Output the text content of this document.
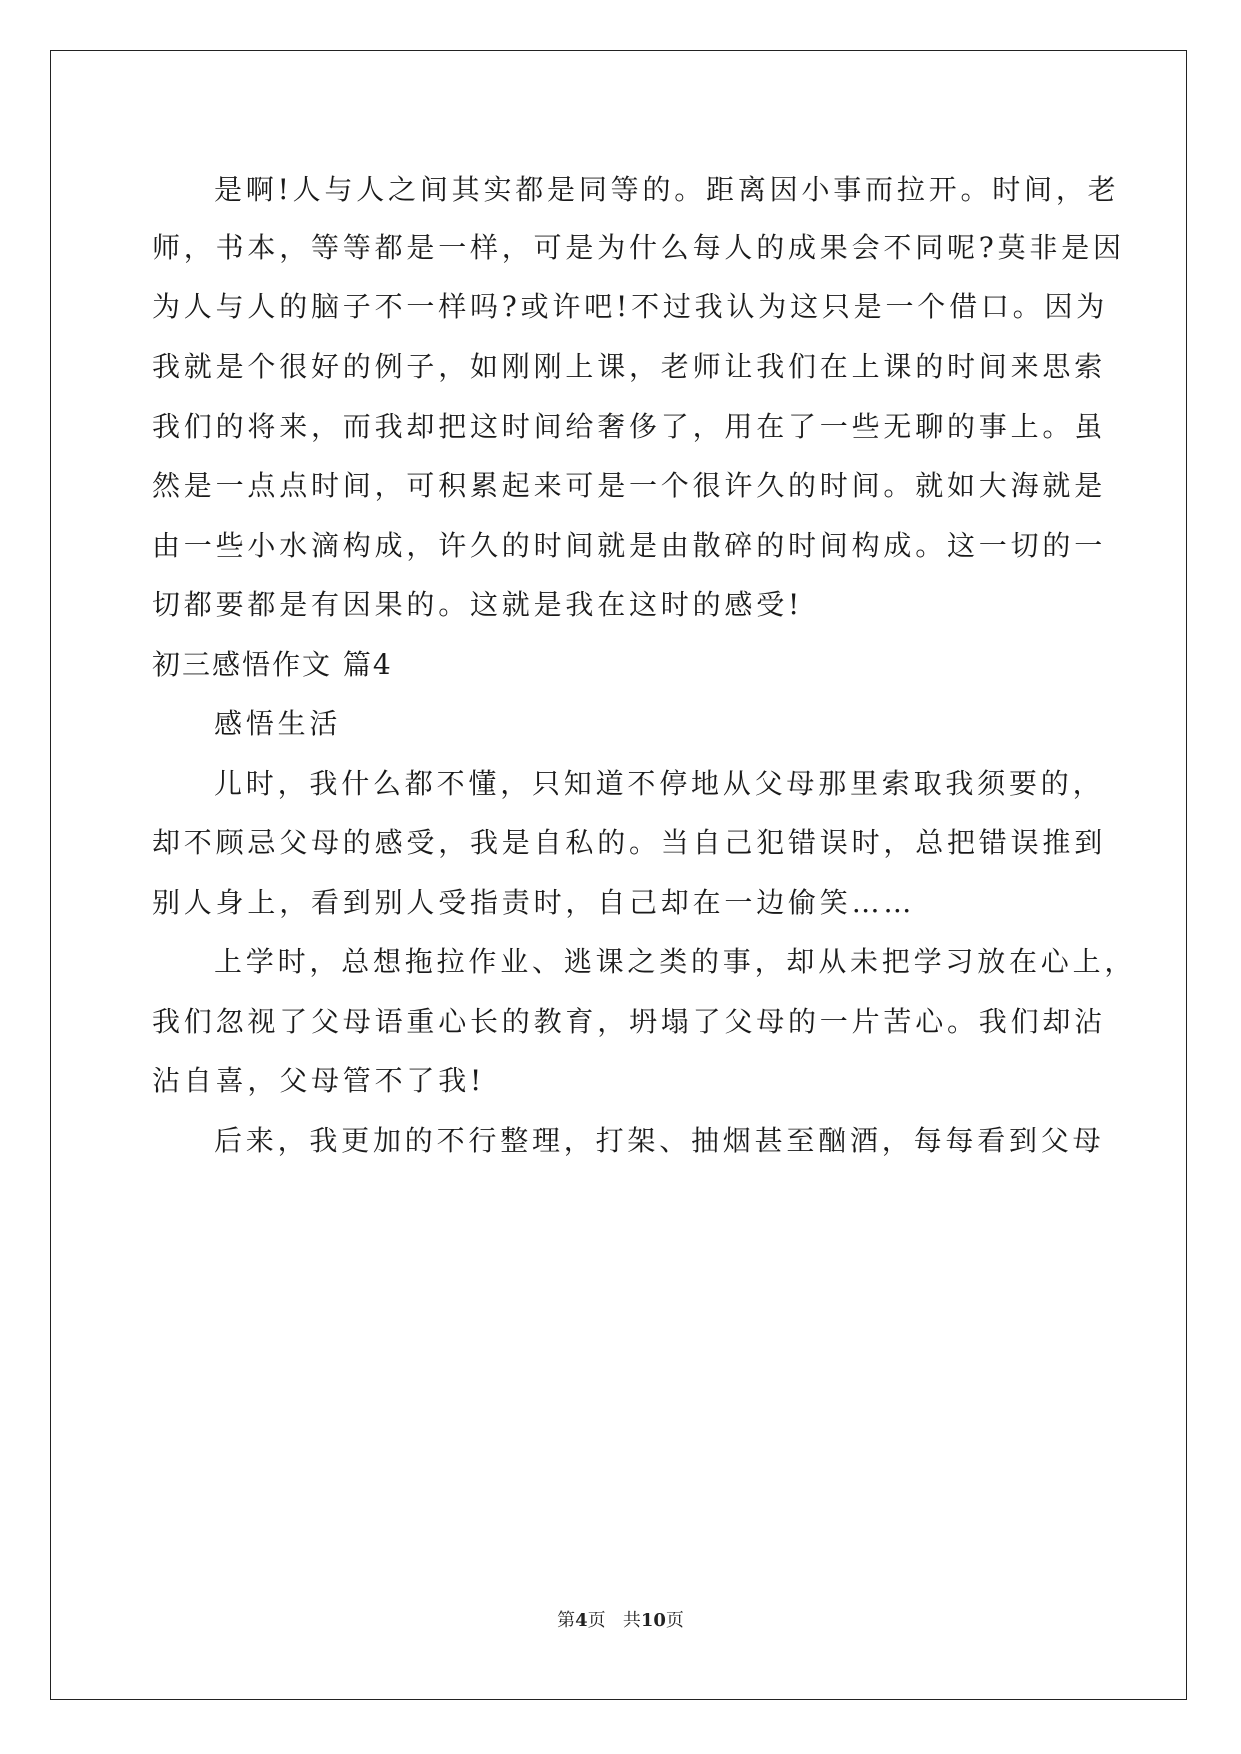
是啊!人与人之间其实都是同等的。距离因小事而拉开。时间，老
师，书本，等等都是一样，可是为什么每人的成果会不同呢?莫非是因
为人与人的脑子不一样吗?或许吧!不过我认为这只是一个借口。因为
我就是个很好的例子，如刚刚上课，老师让我们在上课的时间来思索
我们的将来，而我却把这时间给奢侈了，用在了一些无聊的事上。虽
然是一点点时间，可积累起来可是一个很许久的时间。就如大海就是
由一些小水滴构成，许久的时间就是由散碎的时间构成。这一切的一
切都要都是有因果的。这就是我在这时的感受!
初三感悟作文 篇4
感悟生活
儿时，我什么都不懂，只知道不停地从父母那里索取我须要的，
却不顾忌父母的感受，我是自私的。当自己犯错误时，总把错误推到
别人身上，看到别人受指责时，自己却在一边偷笑……
上学时，总想拖拉作业、逃课之类的事，却从未把学习放在心上，
我们忽视了父母语重心长的教育，坍塌了父母的一片苦心。我们却沾
沾自喜，父母管不了我!
后来，我更加的不行整理，打架、抽烟甚至酗酒，每每看到父母
第4页 共10页
